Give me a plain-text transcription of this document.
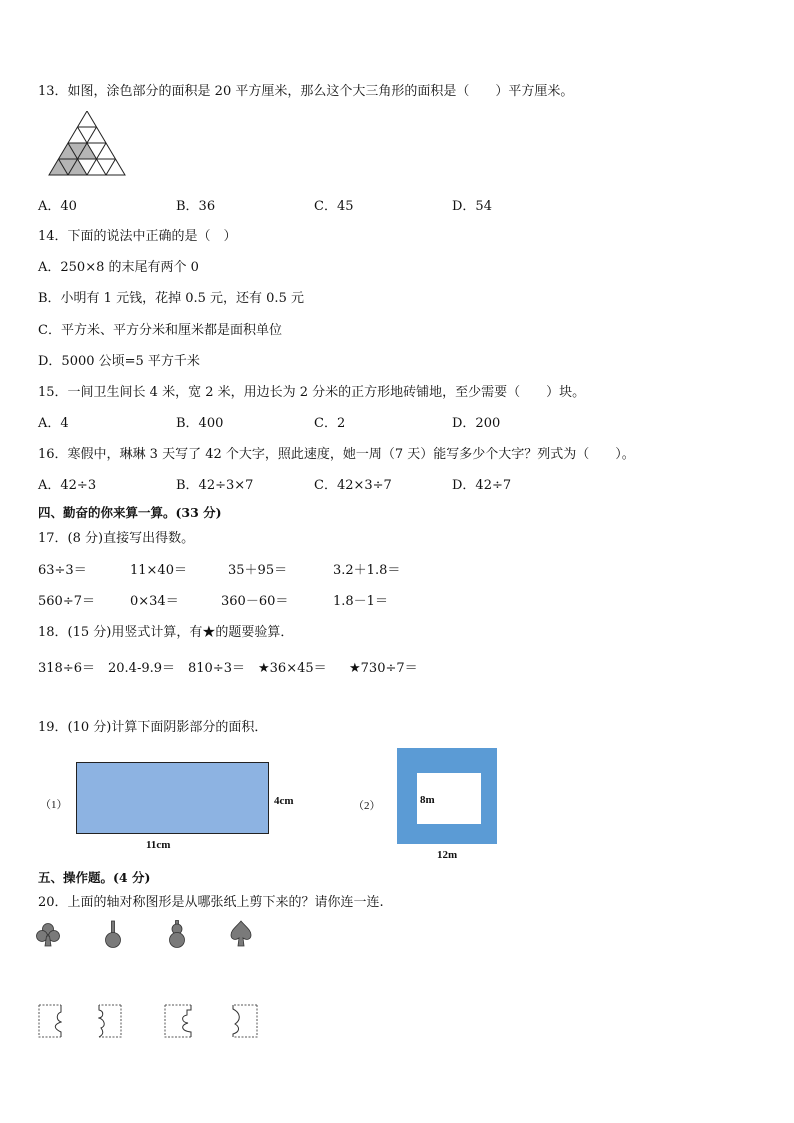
13．如图，涂色部分的面积是 20 平方厘米，那么这个大三角形的面积是（　　）平方厘米。
A．40	B．36	C．45	D．54
14．下面的说法中正确的是（　）
A．250×8 的末尾有两个 0
B．小明有 1 元钱，花掉 0.5 元，还有 0.5 元
C．平方米、平方分米和厘米都是面积单位
D．5000 公顷=5 平方千米
15．一间卫生间长 4 米，宽 2 米，用边长为 2 分米的正方形地砖铺地，至少需要（　　）块。
A．4	B．400	C．2	D．200
16．寒假中，琳琳 3 天写了 42 个大字，照此速度，她一周（7 天）能写多少个大字？列式为（　　）。
A．42÷3	B．42÷3×7	C．42×3÷7	D．42÷7
四、勤奋的你来算一算。(33 分)
17．(8 分)直接写出得数。
63÷3＝	11×40＝	35＋95＝	3.2＋1.8＝
560÷7＝	0×34＝	360－60＝	1.8－1＝
18．(15 分)用竖式计算，有★的题要验算．
318÷6＝ 20.4-9.9＝ 810÷3＝ ★36×45＝ ★730÷7＝
19．(10 分)计算下面阴影部分的面积．
（1）	4cm
11cm
（2）	8m
12m
五、操作题。(4 分)
20．上面的轴对称图形是从哪张纸上剪下来的？请你连一连.
